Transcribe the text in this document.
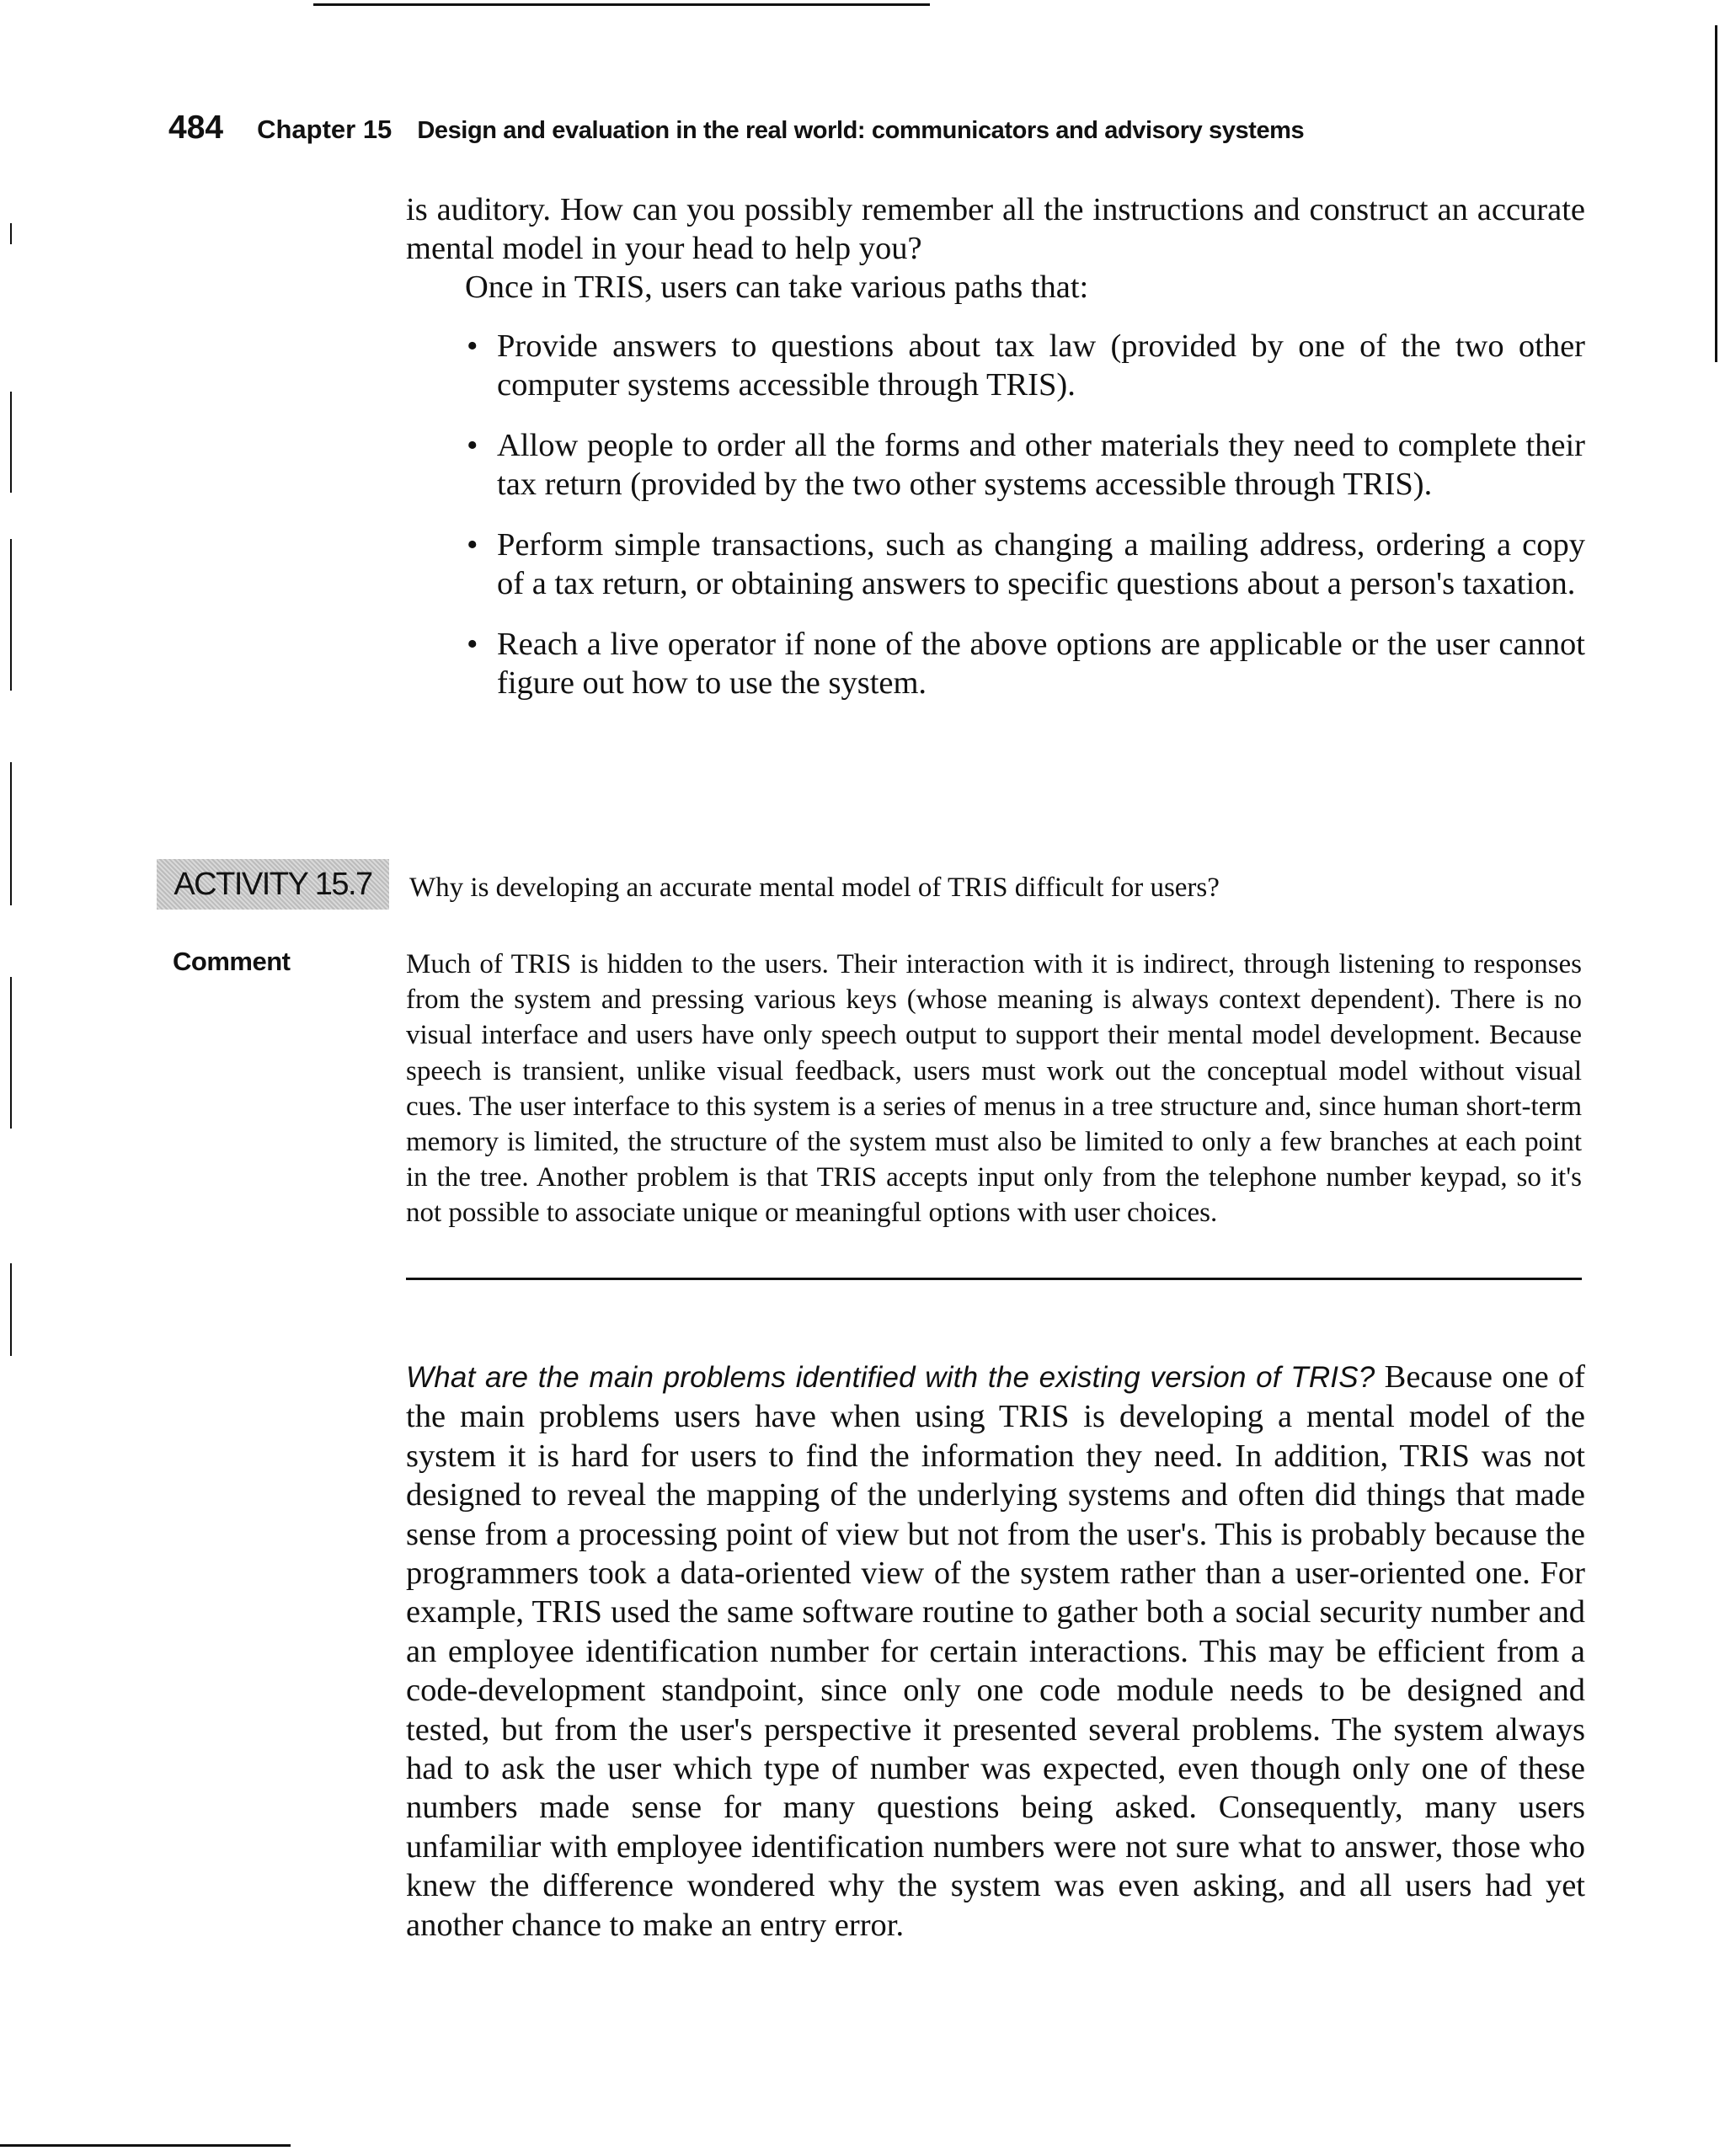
484 Chapter 15 Design and evaluation in the real world: communicators and advisory systems

is auditory. How can you possibly remember all the instructions and construct an accurate mental model in your head to help you?

Once in TRIS, users can take various paths that:

• Provide answers to questions about tax law (provided by one of the two other computer systems accessible through TRIS).
• Allow people to order all the forms and other materials they need to complete their tax return (provided by the two other systems accessible through TRIS).
• Perform simple transactions, such as changing a mailing address, ordering a copy of a tax return, or obtaining answers to specific questions about a person's taxation.
• Reach a live operator if none of the above options are applicable or the user cannot figure out how to use the system.
ACTIVITY 15.7	Why is developing an accurate mental model of TRIS difficult for users?

Comment	Much of TRIS is hidden to the users. Their interaction with it is indirect, through listening to responses from the system and pressing various keys (whose meaning is always context dependent). There is no visual interface and users have only speech output to support their mental model development. Because speech is transient, unlike visual feedback, users must work out the conceptual model without visual cues. The user interface to this system is a series of menus in a tree structure and, since human short-term memory is limited, the structure of the system must also be limited to only a few branches at each point in the tree. Another problem is that TRIS accepts input only from the telephone number keypad, so it's not possible to associate unique or meaningful options with user choices.

What are the main problems identified with the existing version of TRIS? Because one of the main problems users have when using TRIS is developing a mental model of the system it is hard for users to find the information they need. In addition, TRIS was not designed to reveal the mapping of the underlying systems and often did things that made sense from a processing point of view but not from the user's. This is probably because the programmers took a data-oriented view of the system rather than a user-oriented one. For example, TRIS used the same software routine to gather both a social security number and an employee identification number for certain interactions. This may be efficient from a code-development standpoint, since only one code module needs to be designed and tested, but from the user's perspective it presented several problems. The system always had to ask the user which type of number was expected, even though only one of these numbers made sense for many questions being asked. Consequently, many users unfamiliar with employee identification numbers were not sure what to answer, those who knew the difference wondered why the system was even asking, and all users had yet another chance to make an entry error.
